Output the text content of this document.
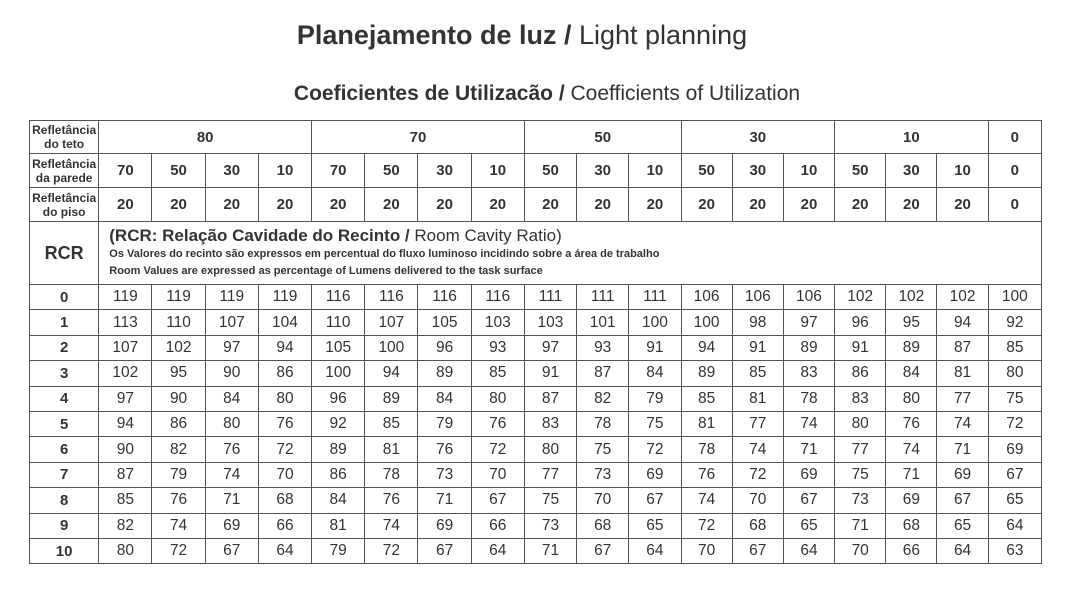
Planejamento de luz / Light planning
Coeficientes de Utilizacão / Coefficients of Utilization
Refletância
do teto	80				70				50			30			10			0
Refletância
da parede	70	50	30	10	70	50	30	10	50	30	10	50	30	10	50	30	10	0
Refletância
do piso	20	20	20	20	20	20	20	20	20	20	20	20	20	20	20	20	20	0
RCR	(RCR: Relação Cavidade do Recinto / Room Cavity Ratio)
Os Valores do recinto são expressos em percentual do fluxo luminoso incidindo sobre a área de trabalho
Room Values are expressed as percentage of Lumens delivered to the task surface																	

0	119	119	119	119	116	116	116	116	111	111	111	106	106	106	102	102	102	100
1	113	110	107	104	110	107	105	103	103	101	100	100	98	97	96	95	94	92
2	107	102	97	94	105	100	96	93	97	93	91	94	91	89	91	89	87	85
3	102	95	90	86	100	94	89	85	91	87	84	89	85	83	86	84	81	80
4	97	90	84	80	96	89	84	80	87	82	79	85	81	78	83	80	77	75
5	94	86	80	76	92	85	79	76	83	78	75	81	77	74	80	76	74	72
6	90	82	76	72	89	81	76	72	80	75	72	78	74	71	77	74	71	69
7	87	79	74	70	86	78	73	70	77	73	69	76	72	69	75	71	69	67
8	85	76	71	68	84	76	71	67	75	70	67	74	70	67	73	69	67	65
9	82	74	69	66	81	74	69	66	73	68	65	72	68	65	71	68	65	64
10	80	72	67	64	79	72	67	64	71	67	64	70	67	64	70	66	64	63
